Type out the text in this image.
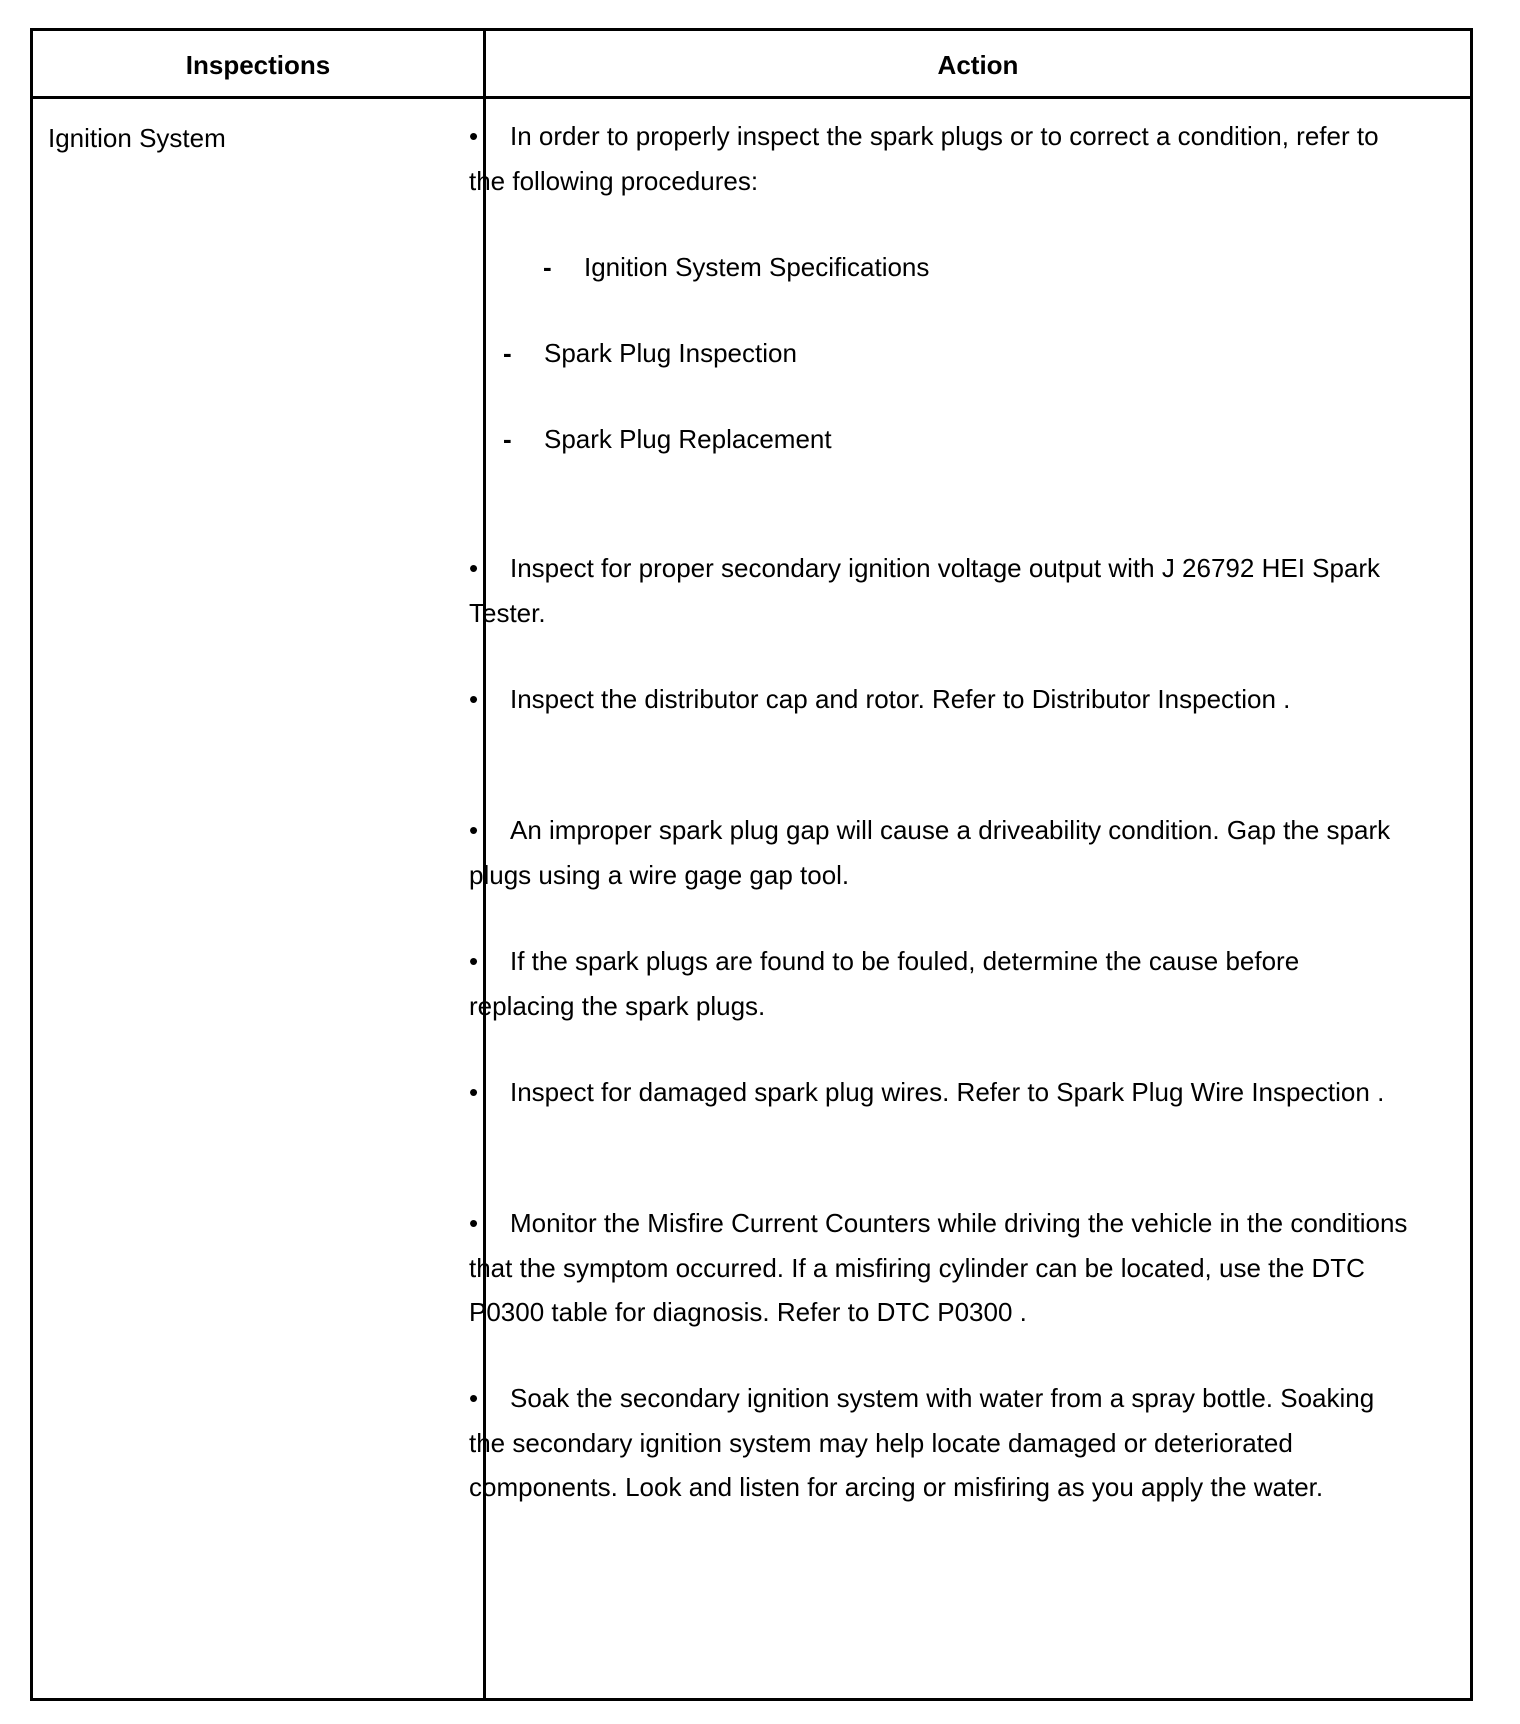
Inspections	Action
Ignition System	• In order to properly inspect the spark plugs or to correct a condition, refer to the following procedures:
- Ignition System Specifications
- Spark Plug Inspection
- Spark Plug Replacement
• Inspect for proper secondary ignition voltage output with J 26792 HEI Spark Tester.
• Inspect the distributor cap and rotor. Refer to Distributor Inspection .
• An improper spark plug gap will cause a driveability condition. Gap the spark plugs using a wire gage gap tool.
• If the spark plugs are found to be fouled, determine the cause before replacing the spark plugs.
• Inspect for damaged spark plug wires. Refer to Spark Plug Wire Inspection .
• Monitor the Misfire Current Counters while driving the vehicle in the conditions that the symptom occurred. If a misfiring cylinder can be located, use the DTC P0300 table for diagnosis. Refer to DTC P0300 .
• Soak the secondary ignition system with water from a spray bottle. Soaking the secondary ignition system may help locate damaged or deteriorated components. Look and listen for arcing or misfiring as you apply the water.
